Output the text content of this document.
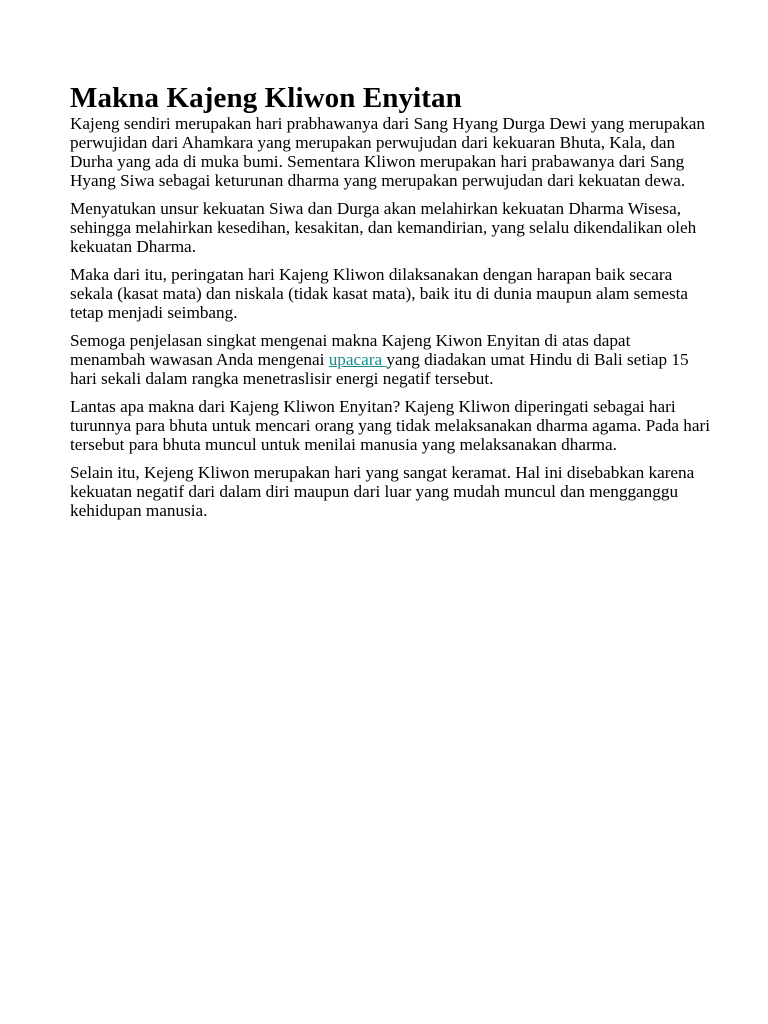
Makna Kajeng Kliwon Enyitan

Kajeng sendiri merupakan hari prabhawanya dari Sang Hyang Durga Dewi yang merupakan perwujidan dari Ahamkara yang merupakan perwujudan dari kekuaran Bhuta, Kala, dan Durha yang ada di muka bumi. Sementara Kliwon merupakan hari prabawanya dari Sang Hyang Siwa sebagai keturunan dharma yang merupakan perwujudan dari kekuatan dewa.

Menyatukan unsur kekuatan Siwa dan Durga akan melahirkan kekuatan Dharma Wisesa, sehingga melahirkan kesedihan, kesakitan, dan kemandirian, yang selalu dikendalikan oleh kekuatan Dharma.

Maka dari itu, peringatan hari Kajeng Kliwon dilaksanakan dengan harapan baik secara sekala (kasat mata) dan niskala (tidak kasat mata), baik itu di dunia maupun alam semesta tetap menjadi seimbang.

Semoga penjelasan singkat mengenai makna Kajeng Kiwon Enyitan di atas dapat menambah wawasan Anda mengenai upacara yang diadakan umat Hindu di Bali setiap 15 hari sekali dalam rangka menetraslisir energi negatif tersebut.

Lantas apa makna dari Kajeng Kliwon Enyitan? Kajeng Kliwon diperingati sebagai hari turunnya para bhuta untuk mencari orang yang tidak melaksanakan dharma agama. Pada hari tersebut para bhuta muncul untuk menilai manusia yang melaksanakan dharma.

Selain itu, Kejeng Kliwon merupakan hari yang sangat keramat. Hal ini disebabkan karena kekuatan negatif dari dalam diri maupun dari luar yang mudah muncul dan mengganggu kehidupan manusia.
